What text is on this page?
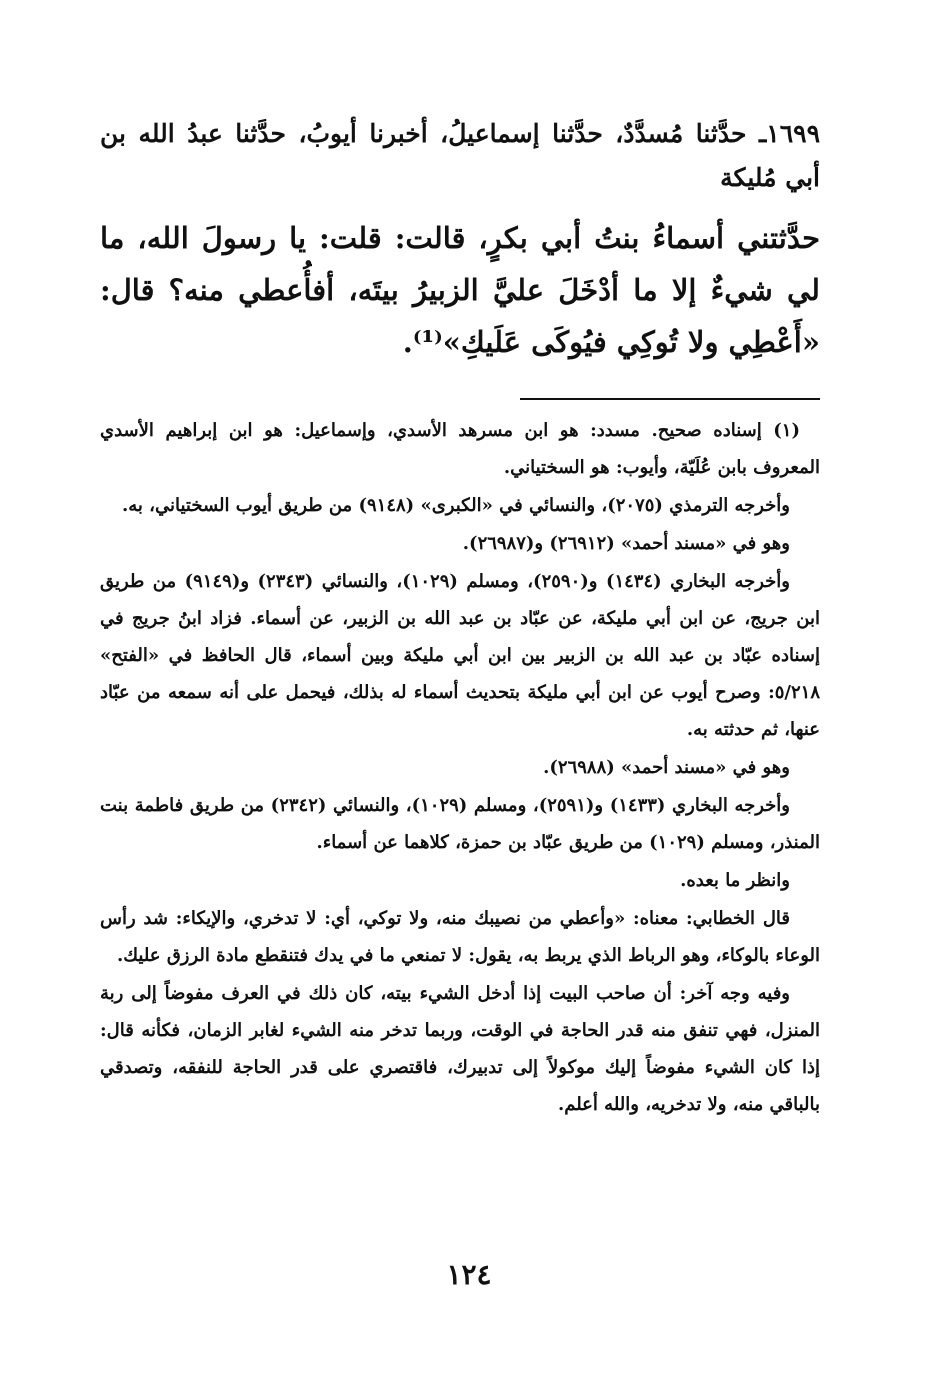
١٦٩٩ـ حدَّثنا مُسدَّدٌ، حدَّثنا إسماعيلُ، أخبرنا أيوبُ، حدَّثنا عبدُ الله بن أبي مُليكة

حدَّثتني أسماءُ بنتُ أبي بكرٍ، قالت: قلت: يا رسولَ الله، ما لي شيءٌ إلا ما أدْخَلَ عليَّ الزبيرُ بيتَه، أفأُعطي منه؟ قال: «أَعْطِي ولا تُوكِي فيُوكَى عَلَيكِ»⁽¹⁾.

(١) إسناده صحيح. مسدد: هو ابن مسرهد الأسدي، وإسماعيل: هو ابن إبراهيم الأسدي المعروف بابن عُلَيّة، وأيوب: هو السختياني.

وأخرجه الترمذي (٢٠٧٥)، والنسائي في «الكبرى» (٩١٤٨) من طريق أيوب السختياني، به.

وهو في «مسند أحمد» (٢٦٩١٢) و(٢٦٩٨٧).

وأخرجه البخاري (١٤٣٤) و(٢٥٩٠)، ومسلم (١٠٢٩)، والنسائي (٢٣٤٣) و(٩١٤٩) من طريق ابن جريج، عن ابن أبي مليكة، عن عبّاد بن عبد الله بن الزبير، عن أسماء. فزاد ابنُ جريج في إسناده عبّاد بن عبد الله بن الزبير بين ابن أبي مليكة وبين أسماء، قال الحافظ في «الفتح» ٥/٢١٨: وصرح أيوب عن ابن أبي مليكة بتحديث أسماء له بذلك، فيحمل على أنه سمعه من عبّاد عنها، ثم حدثته به.

وهو في «مسند أحمد» (٢٦٩٨٨).

وأخرجه البخاري (١٤٣٣) و(٢٥٩١)، ومسلم (١٠٢٩)، والنسائي (٢٣٤٢) من طريق فاطمة بنت المنذر، ومسلم (١٠٢٩) من طريق عبّاد بن حمزة، كلاهما عن أسماء.

وانظر ما بعده.

قال الخطابي: معناه: «وأعطي من نصيبك منه، ولا توكي، أي: لا تدخري، والإيكاء: شد رأس الوعاء بالوكاء، وهو الرباط الذي يربط به، يقول: لا تمنعي ما في يدك فتنقطع مادة الرزق عليك.

وفيه وجه آخر: أن صاحب البيت إذا أدخل الشيء بيته، كان ذلك في العرف مفوضاً إلى ربة المنزل، فهي تنفق منه قدر الحاجة في الوقت، وربما تدخر منه الشيء لغابر الزمان، فكأنه قال: إذا كان الشيء مفوضاً إليك موكولاً إلى تدبيرك، فاقتصري على قدر الحاجة للنفقه، وتصدقي بالباقي منه، ولا تدخريه، والله أعلم.

١٢٤
